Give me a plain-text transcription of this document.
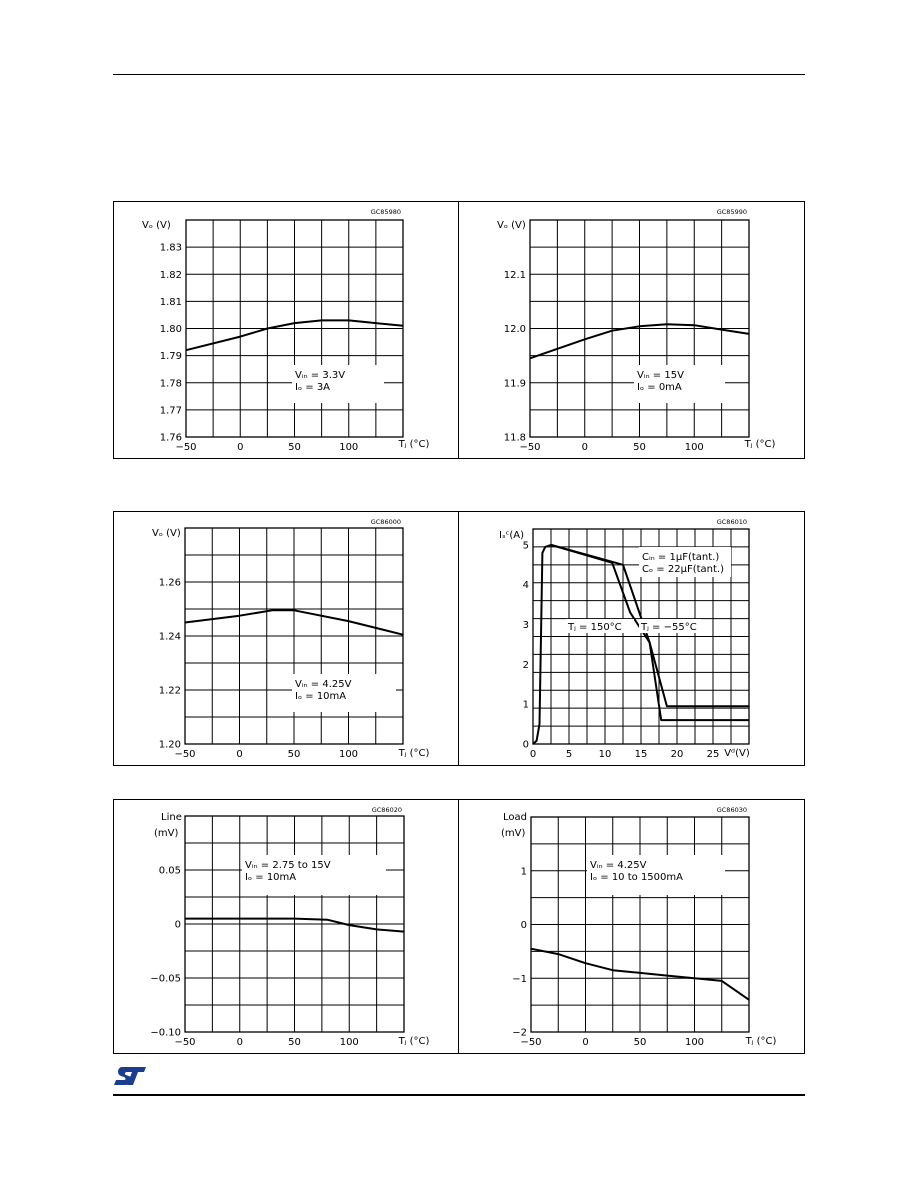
GC85980
1.76
1.77
1.78
1.79
1.80
1.81
1.82
1.83
−50	0	50	100
Vₒ (V)
Tⱼ (°C)
Vᵢₙ = 3.3V
Iₒ = 3A
GC85990
11.8
11.9
12.0
12.1
−50	0	50	100
Vₒ (V)
Tⱼ (°C)
Vᵢₙ = 15V
Iₒ = 0mA
GC86000
1.20
1.22
1.24
1.26
−50	0	50	100
Vₒ (V)
Tⱼ (°C)
Vᵢₙ = 4.25V
Iₒ = 10mA
GC86010
0
1
2
3
4
5
0	5	10 15 20 25
Iₛᶜ(A)
Vᵈ(V)
Cᵢₙ = 1μF(tant.)
Cₒ = 22μF(tant.)
Tⱼ = 150°C Tⱼ = −55°C
GC86020
−0.10
−0.05
0
0.05
−50	0	50	100
Line
(mV)
Tⱼ (°C)
Vᵢₙ = 2.75 to 15V
Iₒ = 10mA
GC86030
−2
−1
0
1
−50	0	50	100
Load
(mV)
Tⱼ (°C)
Vᵢₙ = 4.25V
Iₒ = 10 to 1500mA
